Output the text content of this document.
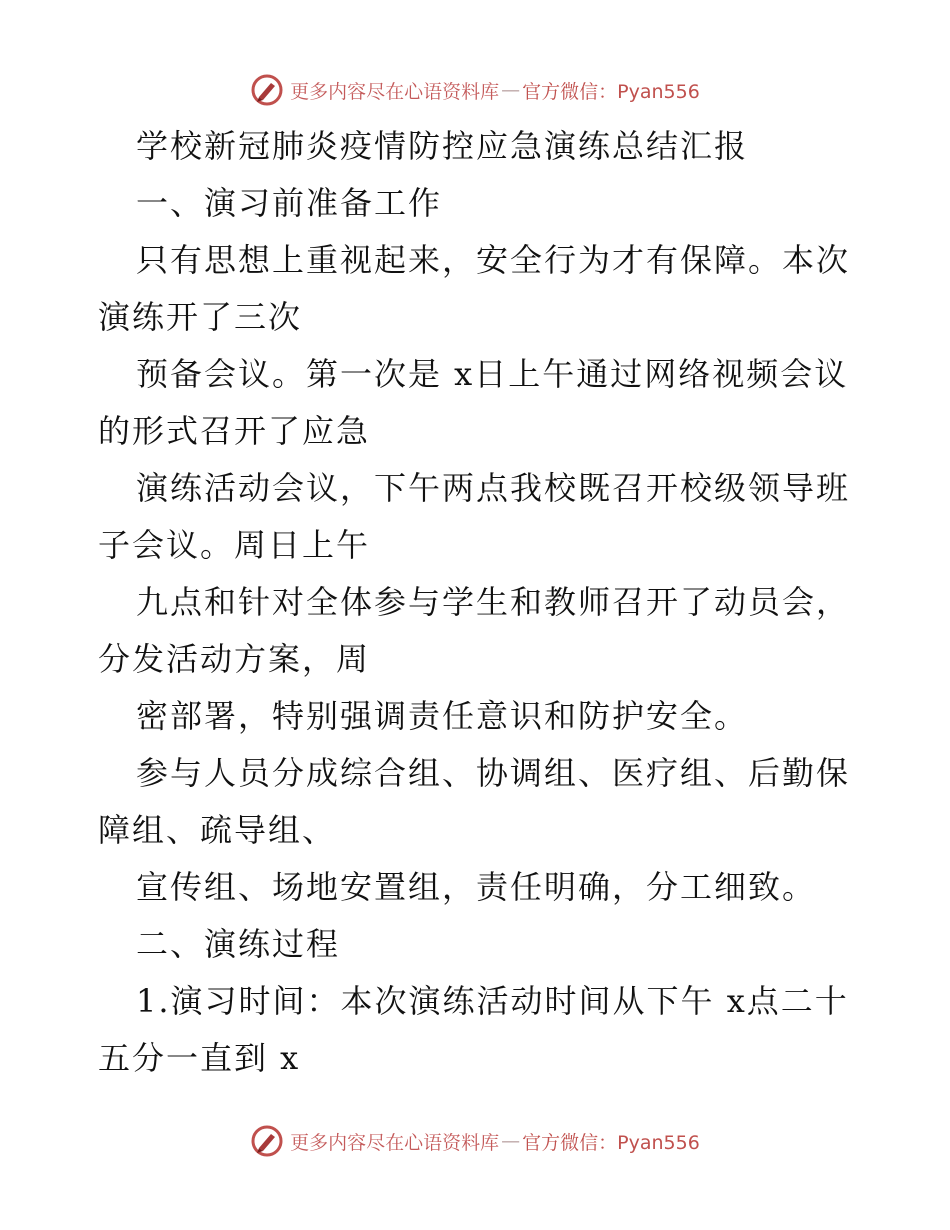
更多内容尽在心语资料库 — 官方微信：Pyan556

学校新冠肺炎疫情防控应急演练总结汇报

一、演习前准备工作

只有思想上重视起来，安全行为才有保障。本次演练开了三次

预备会议。第一次是 x日上午通过网络视频会议的形式召开了应急

演练活动会议，下午两点我校既召开校级领导班子会议。周日上午

九点和针对全体参与学生和教师召开了动员会，分发活动方案，周

密部署，特别强调责任意识和防护安全。

参与人员分成综合组、协调组、医疗组、后勤保障组、疏导组、

宣传组、场地安置组，责任明确，分工细致。

二、演练过程

1.演习时间：本次演练活动时间从下午 x点二十五分一直到 x

更多内容尽在心语资料库 — 官方微信：Pyan556
